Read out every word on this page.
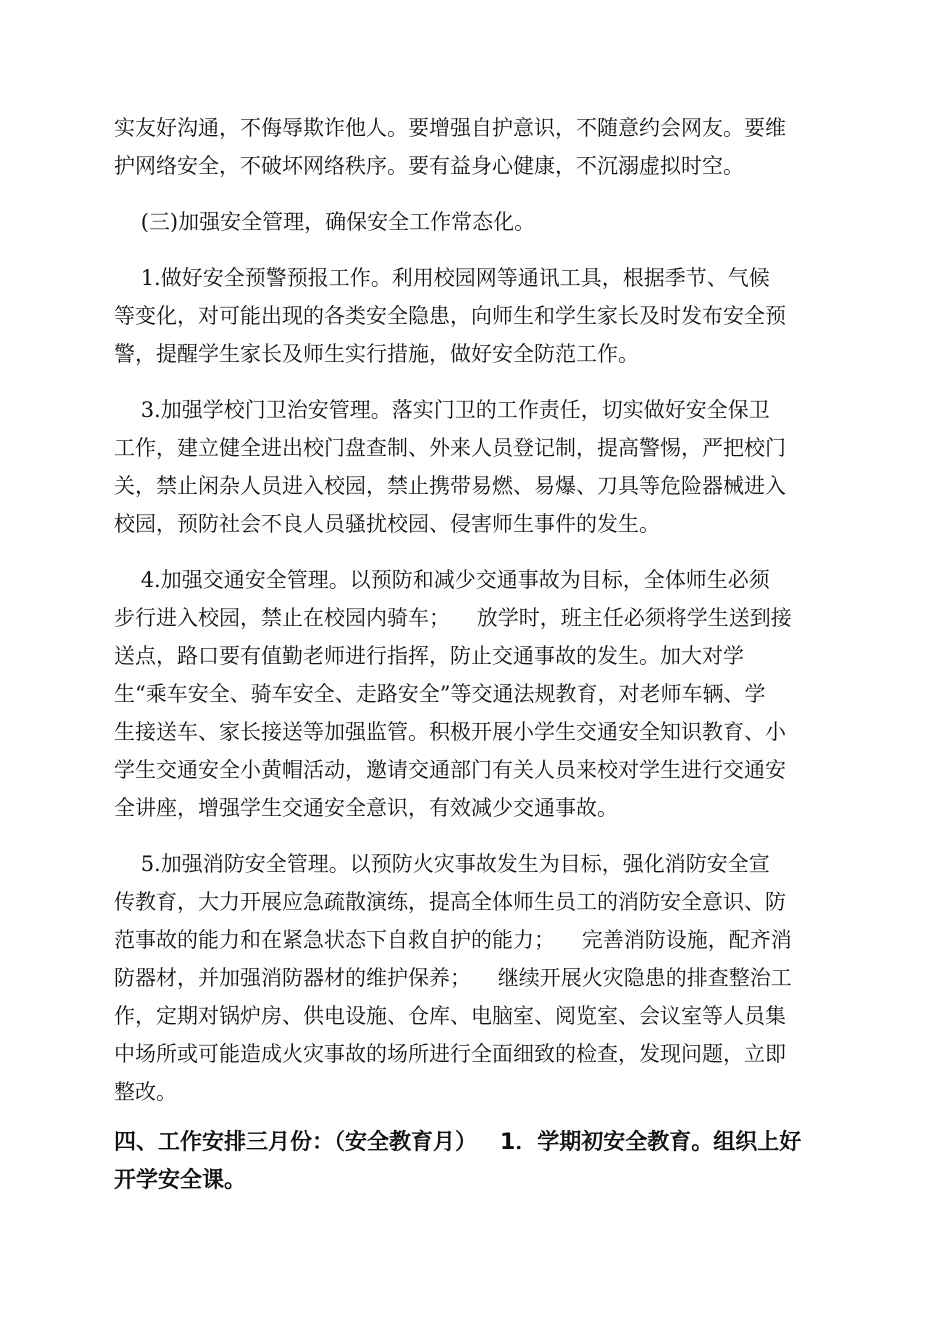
实友好沟通，不侮辱欺诈他人。要增强自护意识，不随意约会网友。要维
护网络安全，不破坏网络秩序。要有益身心健康，不沉溺虚拟时空。
(三)加强安全管理，确保安全工作常态化。
1.做好安全预警预报工作。利用校园网等通讯工具，根据季节、气候
等变化，对可能出现的各类安全隐患，向师生和学生家长及时发布安全预
警，提醒学生家长及师生实行措施，做好安全防范工作。
3.加强学校门卫治安管理。落实门卫的工作责任，切实做好安全保卫
工作，建立健全进出校门盘查制、外来人员登记制，提高警惕，严把校门
关，禁止闲杂人员进入校园，禁止携带易燃、易爆、刀具等危险器械进入
校园，预防社会不良人员骚扰校园、侵害师生事件的发生。
4.加强交通安全管理。以预防和减少交通事故为目标，全体师生必须
步行进入校园，禁止在校园内骑车；    放学时，班主任必须将学生送到接
送点，路口要有值勤老师进行指挥，防止交通事故的发生。加大对学
生“乘车安全、骑车安全、走路安全”等交通法规教育，对老师车辆、学
生接送车、家长接送等加强监管。积极开展小学生交通安全知识教育、小
学生交通安全小黄帽活动，邀请交通部门有关人员来校对学生进行交通安
全讲座，增强学生交通安全意识，有效减少交通事故。
5.加强消防安全管理。以预防火灾事故发生为目标，强化消防安全宣
传教育，大力开展应急疏散演练，提高全体师生员工的消防安全意识、防
范事故的能力和在紧急状态下自救自护的能力；    完善消防设施，配齐消
防器材，并加强消防器材的维护保养；    继续开展火灾隐患的排查整治工
作，定期对锅炉房、供电设施、仓库、电脑室、阅览室、会议室等人员集
中场所或可能造成火灾事故的场所进行全面细致的检查，发现问题，立即
整改。
四、工作安排三月份：（安全教育月）   1．学期初安全教育。组织上好
开学安全课。
